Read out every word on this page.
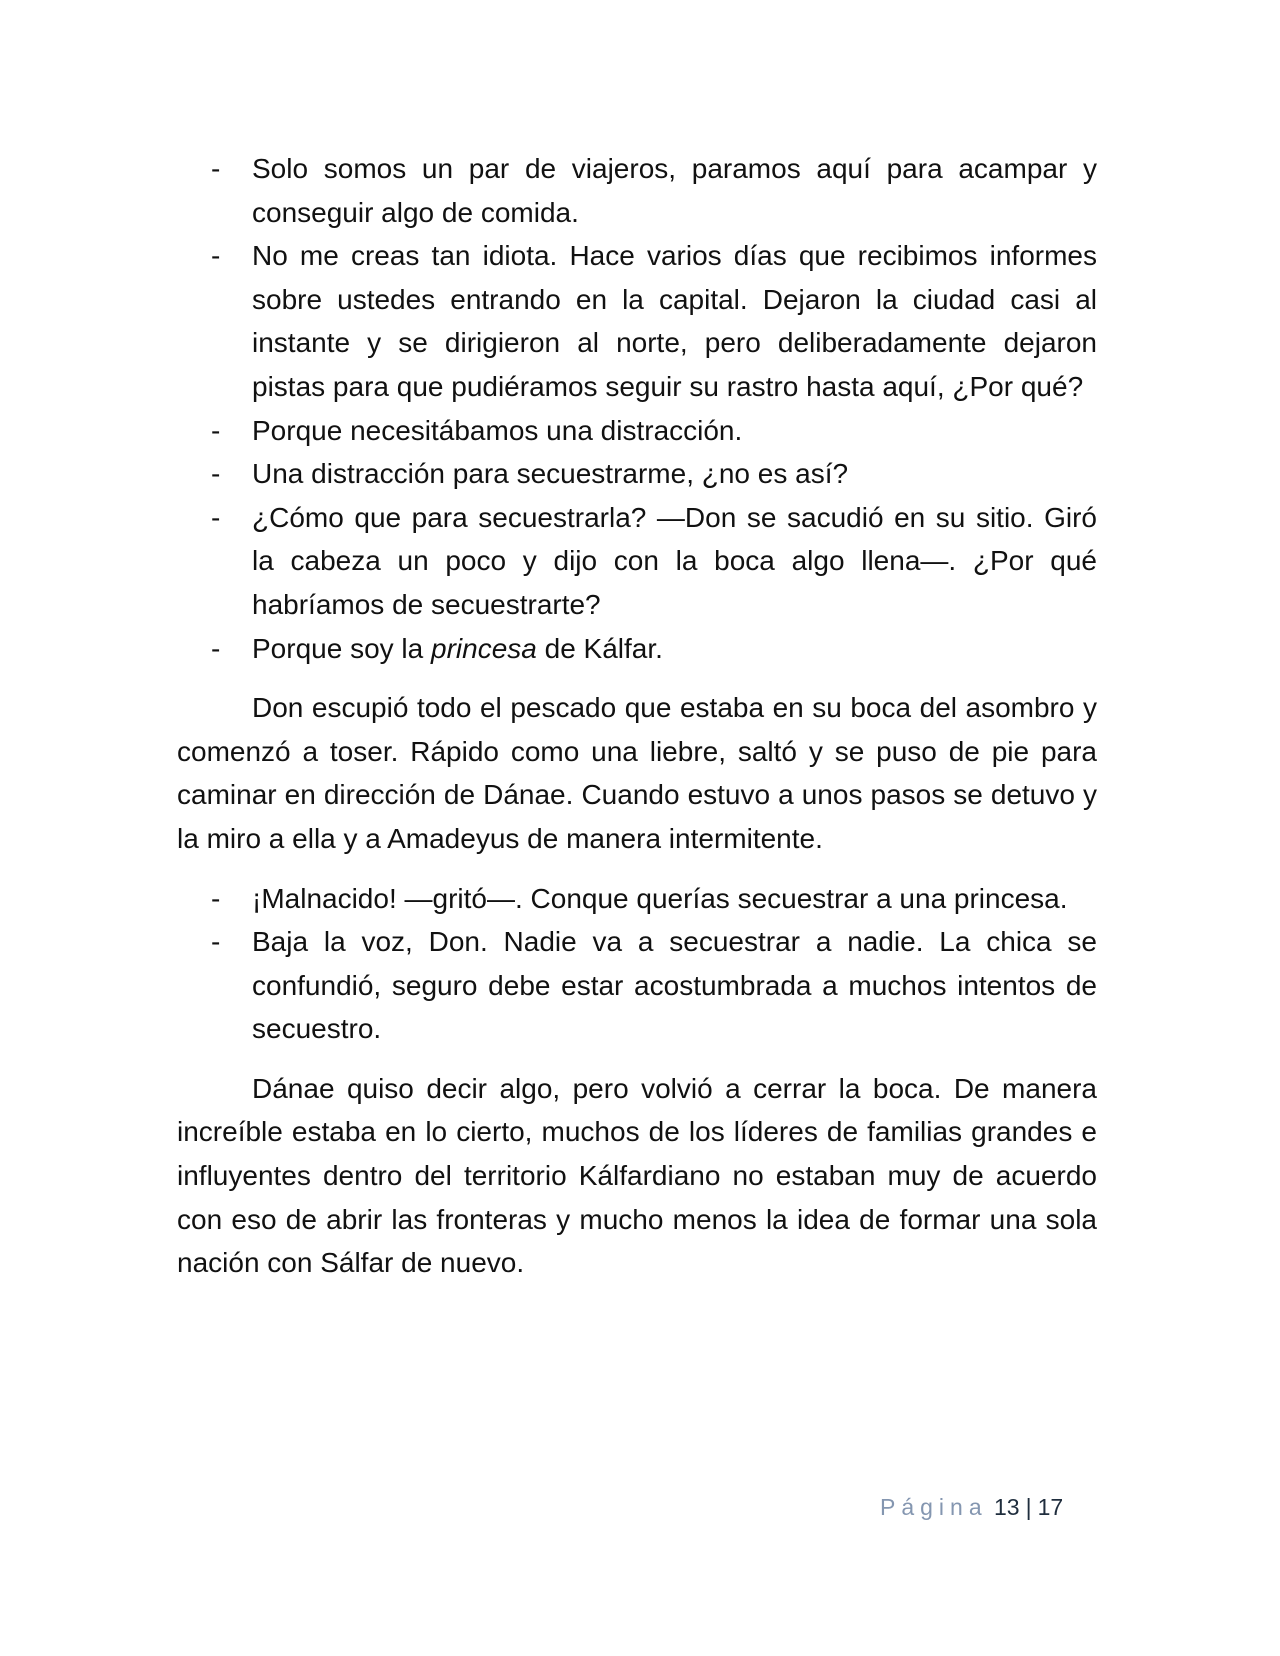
- Solo somos un par de viajeros, paramos aquí para acampar y conseguir algo de comida.
- No me creas tan idiota. Hace varios días que recibimos informes sobre ustedes entrando en la capital. Dejaron la ciudad casi al instante y se dirigieron al norte, pero deliberadamente dejaron pistas para que pudiéramos seguir su rastro hasta aquí, ¿Por qué?
- Porque necesitábamos una distracción.
- Una distracción para secuestrarme, ¿no es así?
- ¿Cómo que para secuestrarla? —Don se sacudió en su sitio. Giró la cabeza un poco y dijo con la boca algo llena—. ¿Por qué habríamos de secuestrarte?
- Porque soy la princesa de Kálfar.

Don escupió todo el pescado que estaba en su boca del asombro y comenzó a toser. Rápido como una liebre, saltó y se puso de pie para caminar en dirección de Dánae. Cuando estuvo a unos pasos se detuvo y la miro a ella y a Amadeyus de manera intermitente.

- ¡Malnacido! —gritó—. Conque querías secuestrar a una princesa.
- Baja la voz, Don. Nadie va a secuestrar a nadie. La chica se confundió, seguro debe estar acostumbrada a muchos intentos de secuestro.

Dánae quiso decir algo, pero volvió a cerrar la boca. De manera increíble estaba en lo cierto, muchos de los líderes de familias grandes e influyentes dentro del territorio Kálfardiano no estaban muy de acuerdo con eso de abrir las fronteras y mucho menos la idea de formar una sola nación con Sálfar de nuevo.

Página 13 | 17
